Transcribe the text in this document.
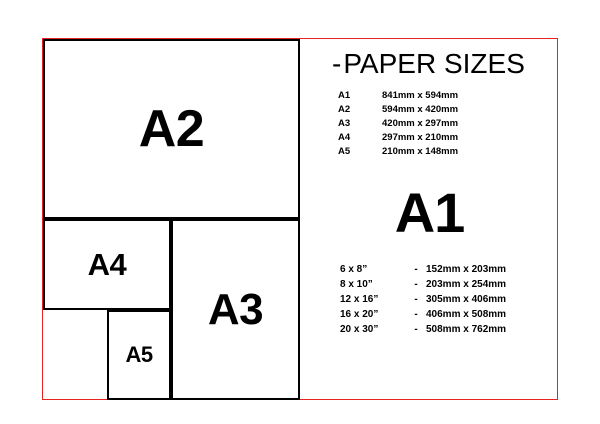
A2
A3
A4
A5
-PAPER SIZES
A1	841mm x 594mm
A2	594mm x 420mm
A3	420mm x 297mm
A4	297mm x 210mm
A5	210mm x 148mm
A1
6 x 8”	-	152mm x 203mm
8 x 10”	-	203mm x 254mm
12 x 16”	-	305mm x 406mm
16 x 20”	-	406mm x 508mm
20 x 30”	-	508mm x 762mm
